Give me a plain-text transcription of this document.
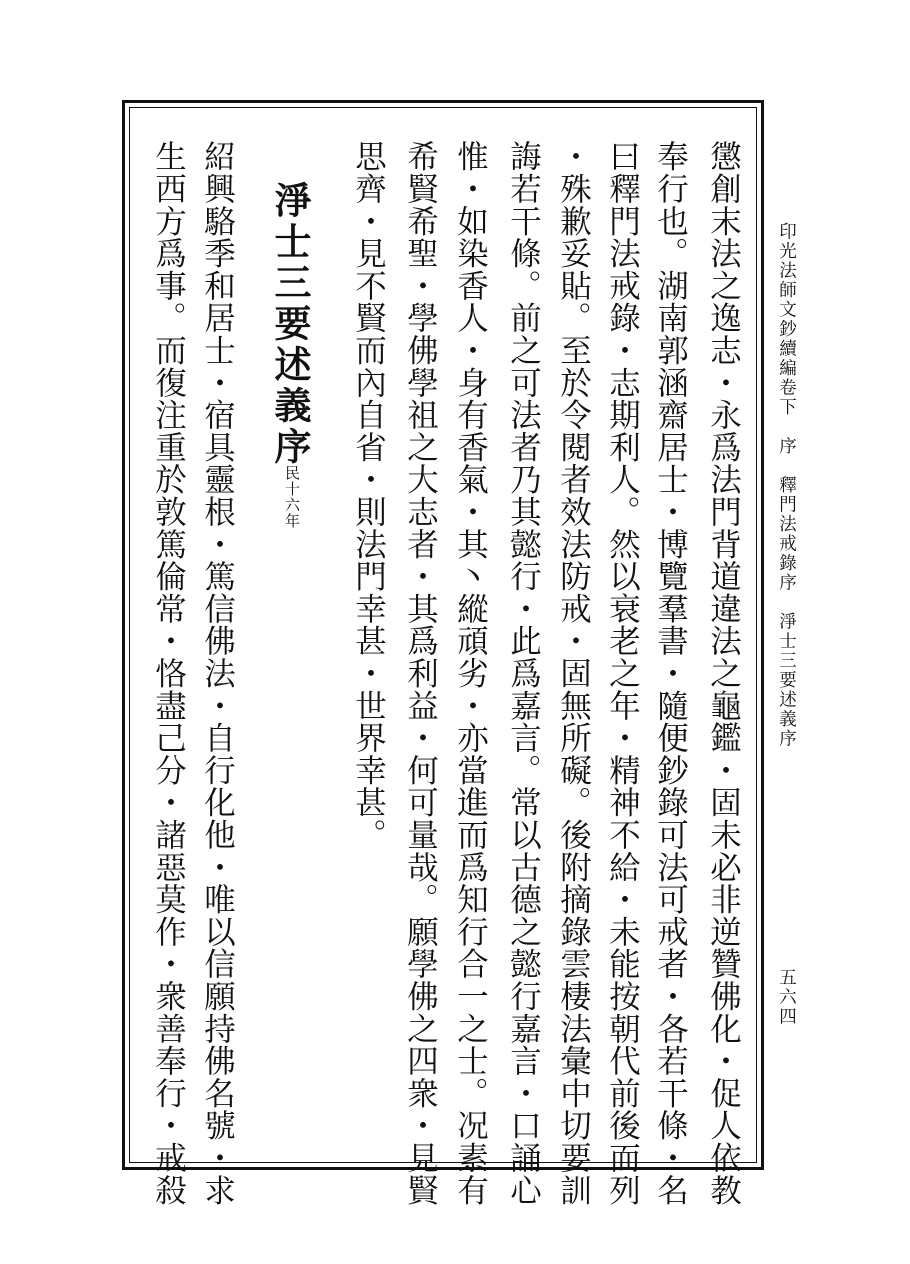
印光法師文鈔續編卷下　序　釋門法戒錄序　淨士三要述義序
五六四
懲創末法之逸志・永爲法門背道違法之龜鑑・固未必非逆贊佛化・促人依教
奉行也。湖南郭涵齋居士・博覽羣書・隨便鈔錄可法可戒者・各若干條・名
曰釋門法戒錄・志期利人。然以衰老之年・精神不給・未能按朝代前後而列
・殊歉妥貼。至於令閱者效法防戒・固無所礙。後附摘錄雲棲法彙中切要訓
誨若干條。前之可法者乃其懿行・此爲嘉言。常以古德之懿行嘉言・口誦心
惟・如染香人・身有香氣・其丶縱頑劣・亦當進而爲知行合一之士。况素有
希賢希聖・學佛學祖之大志者・其爲利益・何可量哉。願學佛之四衆・見賢
思齊・見不賢而內自省・則法門幸甚・世界幸甚。
淨士三要述義序
民十六年
紹興駱季和居士・宿具靈根・篤信佛法・自行化他・唯以信願持佛名號・求
生西方爲事。而復注重於敦篤倫常・恪盡己分・諸惡莫作・衆善奉行・戒殺
